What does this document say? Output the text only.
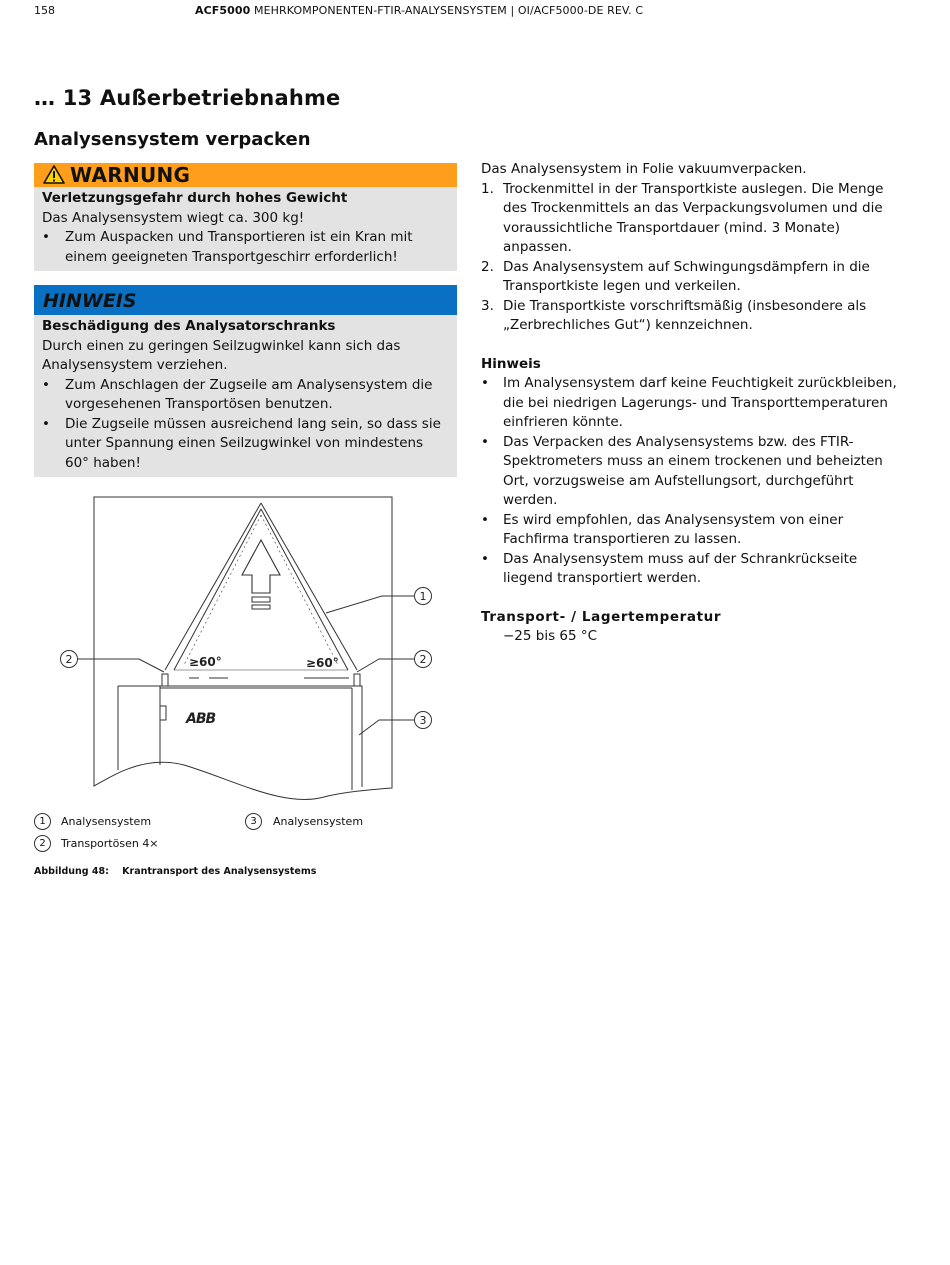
158	ACF5000 MEHRKOMPONENTEN-FTIR-ANALYSENSYSTEM | OI/ACF5000-DE REV. C
… 13 Außerbetriebnahme
Analysensystem verpacken
WARNUNG
Verletzungsgefahr durch hohes Gewicht
Das Analysensystem wiegt ca. 300 kg!
• Zum Auspacken und Transportieren ist ein Kran mit einem geeigneten Transportgeschirr erforderlich!
HINWEIS
Beschädigung des Analysatorschranks
Durch einen zu geringen Seilzugwinkel kann sich das Analysensystem verziehen.
• Zum Anschlagen der Zugseile am Analysensystem die vorgesehenen Transportösen benutzen.
• Die Zugseile müssen ausreichend lang sein, so dass sie unter Spannung einen Seilzugwinkel von mindestens 60° haben!
1
2	2
3
≥60°	≥60°
ABB
1	Analysensystem	3	Analysensystem
2	Transportösen 4×
Abbildung 48: Krantransport des Analysensystems
Das Analysensystem in Folie vakuumverpacken.
1. Trockenmittel in der Transportkiste auslegen. Die Menge des Trockenmittels an das Verpackungsvolumen und die voraussichtliche Transportdauer (mind. 3 Monate) anpassen.
2. Das Analysensystem auf Schwingungsdämpfern in die Transportkiste legen und verkeilen.
3. Die Transportkiste vorschriftsmäßig (insbesondere als „Zerbrechliches Gut“) kennzeichnen.
Hinweis
• Im Analysensystem darf keine Feuchtigkeit zurückbleiben, die bei niedrigen Lagerungs- und Transporttemperaturen einfrieren könnte.
• Das Verpacken des Analysensystems bzw. des FTIR-Spektrometers muss an einem trockenen und beheizten Ort, vorzugsweise am Aufstellungsort, durchgeführt werden.
• Es wird empfohlen, das Analysensystem von einer Fachfirma transportieren zu lassen.
• Das Analysensystem muss auf der Schrankrückseite liegend transportiert werden.
Transport- / Lagertemperatur
−25 bis 65 °C
